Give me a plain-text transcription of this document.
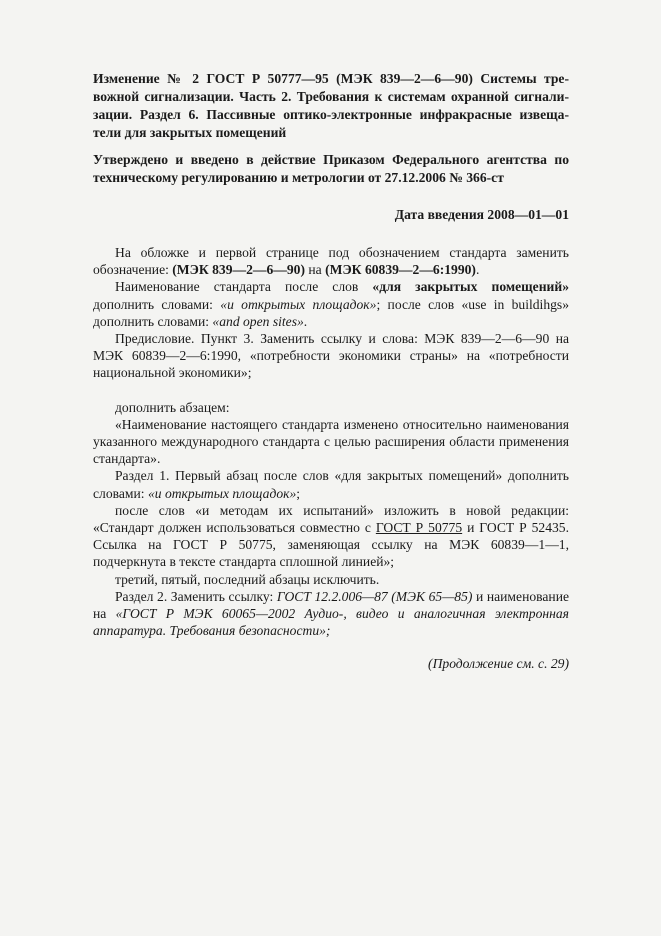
Изменение № 2 ГОСТ Р 50777—95 (МЭК 839—2—6—90) Системы тре-
вожной сигнализации. Часть 2. Требования к системам охранной сигнали-
зации. Раздел 6. Пассивные оптико-электронные инфракрасные извеща-
тели для закрытых помещений
Утверждено и введено в действие Приказом Федерального агентства по
техническому регулированию и метрологии от 27.12.2006 № 366-ст
Дата введения 2008—01—01

На обложке и первой странице под обозначением стандарта заменить обозначение: (МЭК 839—2—6—90) на (МЭК 60839—2—6:1990).

Наименование стандарта после слов «для закрытых помещений» дополнить словами: «и открытых площадок»; после слов «use in buildihgs» дополнить словами: «and open sites».

Предисловие. Пункт 3. Заменить ссылку и слова: МЭК 839—2—6—90 на МЭК 60839—2—6:1990, «потребности экономики страны» на «потребности национальной экономики»;

дополнить абзацем:

«Наименование настоящего стандарта изменено относительно наименования указанного международного стандарта с целью расширения области применения стандарта».

Раздел 1. Первый абзац после слов «для закрытых помещений» дополнить словами: «и открытых площадок»;

после слов «и методам их испытаний» изложить в новой редакции: «Стандарт должен использоваться совместно с ГОСТ Р 50775 и ГОСТ Р 52435. Ссылка на ГОСТ Р 50775, заменяющая ссылку на МЭК 60839—1—1, подчеркнута в тексте стандарта сплошной линией»;

третий, пятый, последний абзацы исключить.

Раздел 2. Заменить ссылку: ГОСТ 12.2.006—87 (МЭК 65—85) и наименование на «ГОСТ Р МЭК 60065—2002 Аудио-, видео и аналогичная электронная аппаратура. Требования безопасности»;

(Продолжение см. с. 29)
